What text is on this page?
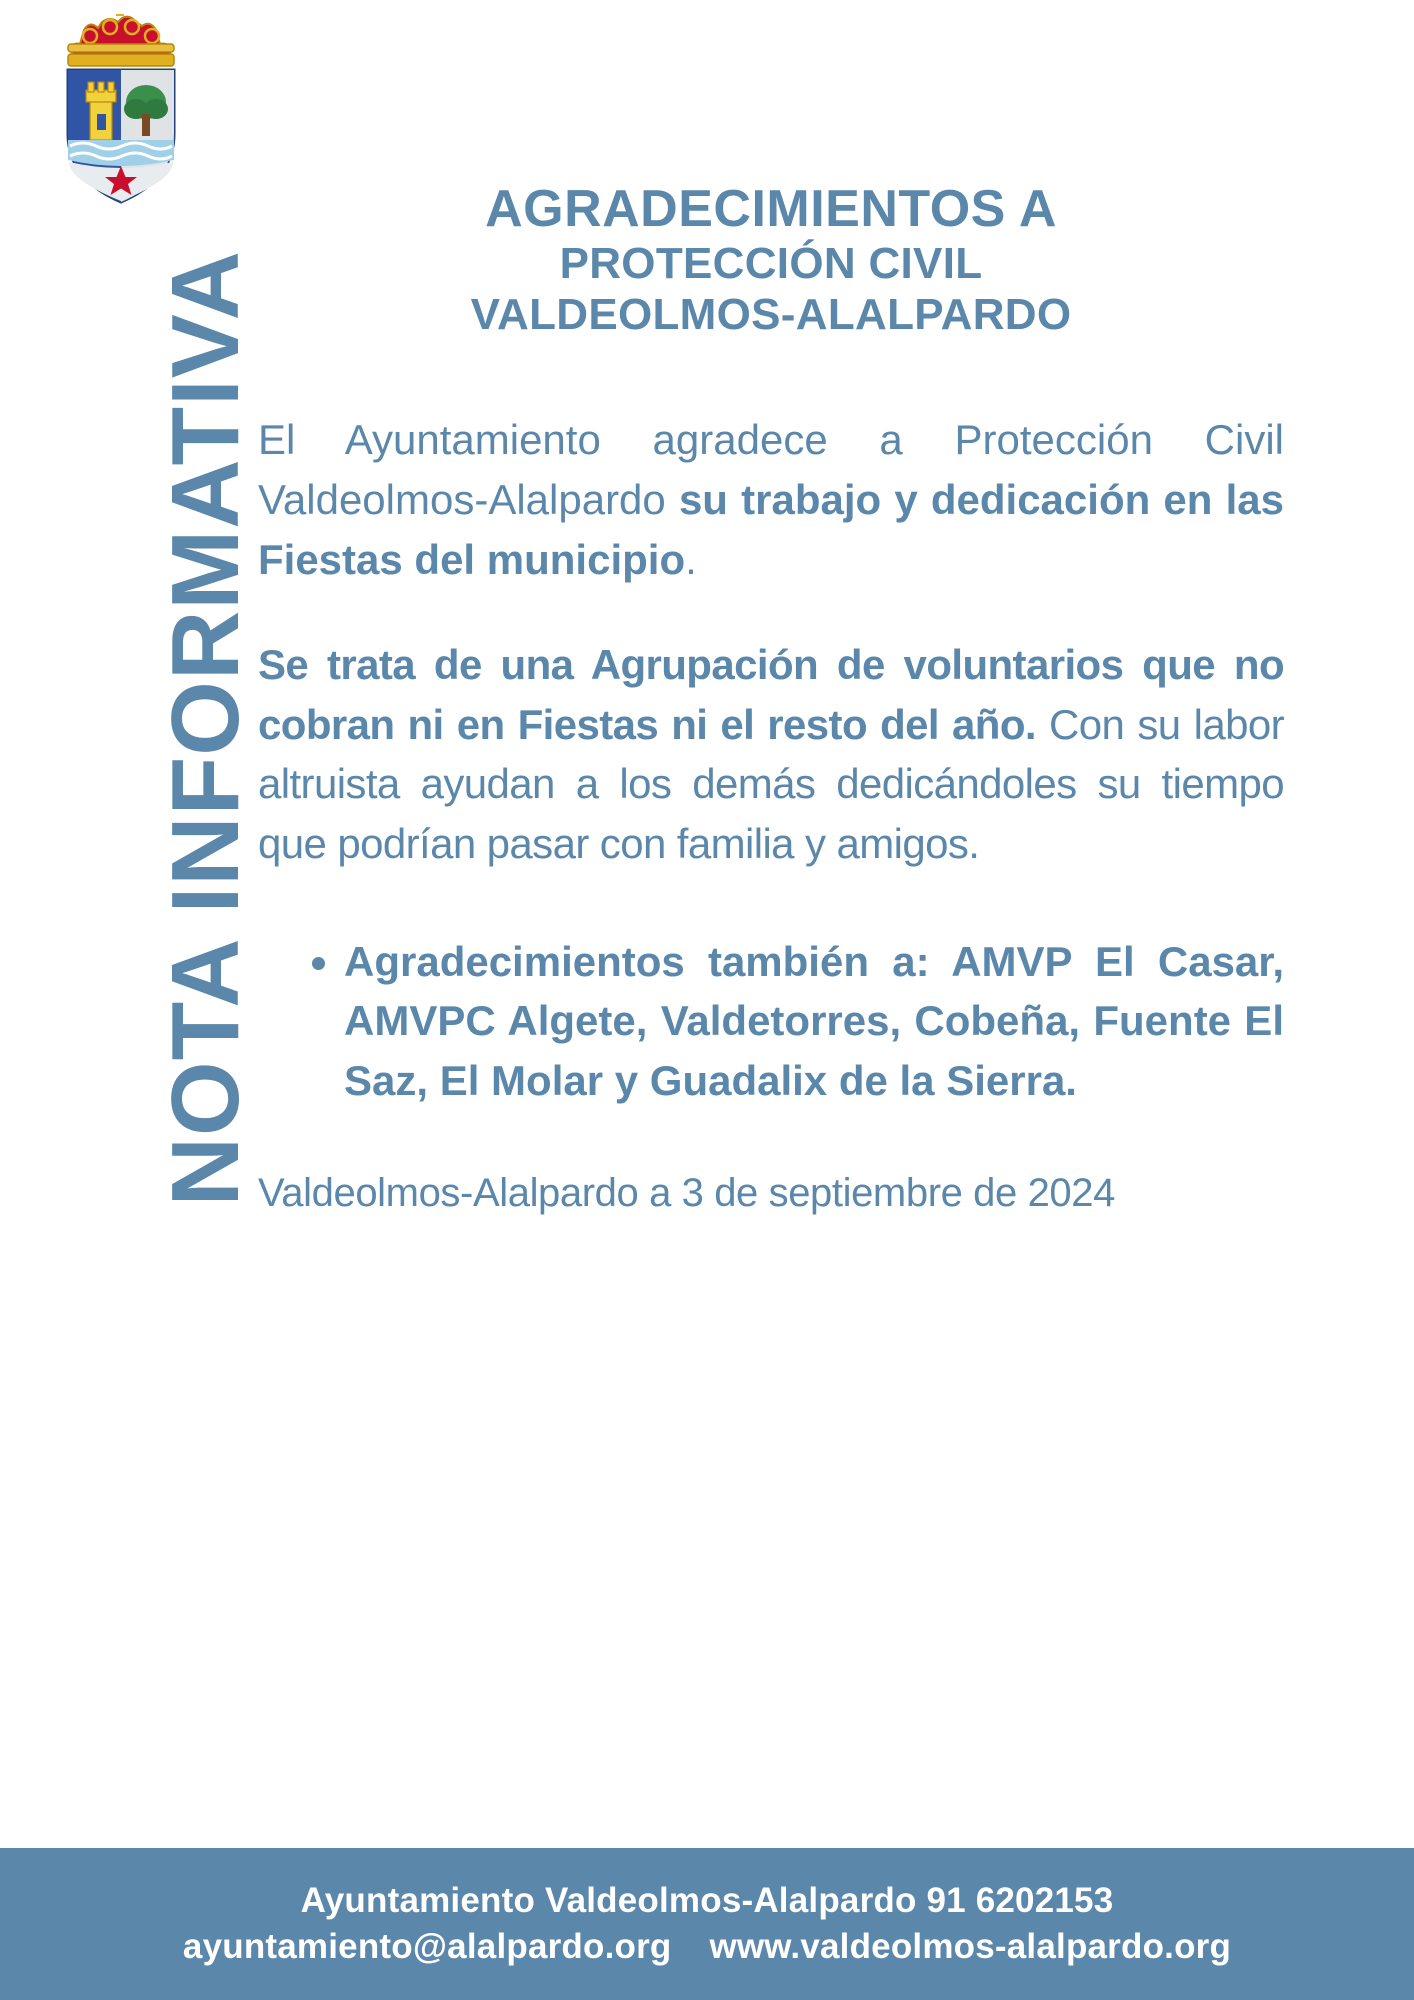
NOTA INFORMATIVA
AGRADECIMIENTOS A
PROTECCIÓN CIVIL
VALDEOLMOS-ALALPARDO

El Ayuntamiento agradece a Protección Civil Valdeolmos-Alalpardo su trabajo y dedicación en las Fiestas del municipio.

Se trata de una Agrupación de voluntarios que no cobran ni en Fiestas ni el resto del año. Con su labor altruista ayudan a los demás dedicándoles su tiempo que podrían pasar con familia y amigos.

• Agradecimientos también a: AMVP El Casar, AMVPC Algete, Valdetorres, Cobeña, Fuente El Saz, El Molar y Guadalix de la Sierra.
Valdeolmos-Alalpardo a 3 de septiembre de 2024
Ayuntamiento Valdeolmos-Alalpardo 91 6202153
ayuntamiento@alalpardo.org www.valdeolmos-alalpardo.org
